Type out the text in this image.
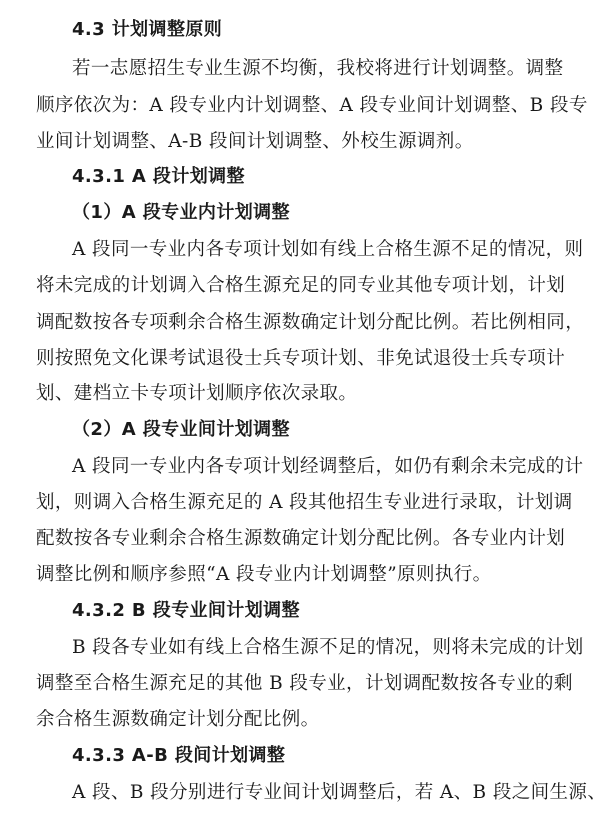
4.3 计划调整原则
若一志愿招生专业生源不均衡，我校将进行计划调整。调整
顺序依次为：A 段专业内计划调整、A 段专业间计划调整、B 段专
业间计划调整、A-B 段间计划调整、外校生源调剂。
4.3.1 A 段计划调整
（1）A 段专业内计划调整
A 段同一专业内各专项计划如有线上合格生源不足的情况，则
将未完成的计划调入合格生源充足的同专业其他专项计划，计划
调配数按各专项剩余合格生源数确定计划分配比例。若比例相同，
则按照免文化课考试退役士兵专项计划、非免试退役士兵专项计
划、建档立卡专项计划顺序依次录取。
（2）A 段专业间计划调整
A 段同一专业内各专项计划经调整后，如仍有剩余未完成的计
划，则调入合格生源充足的 A 段其他招生专业进行录取，计划调
配数按各专业剩余合格生源数确定计划分配比例。各专业内计划
调整比例和顺序参照“A 段专业内计划调整”原则执行。
4.3.2 B 段专业间计划调整
B 段各专业如有线上合格生源不足的情况，则将未完成的计划
调整至合格生源充足的其他 B 段专业，计划调配数按各专业的剩
余合格生源数确定计划分配比例。
4.3.3 A-B 段间计划调整
A 段、B 段分别进行专业间计划调整后，若 A、B 段之间生源、
